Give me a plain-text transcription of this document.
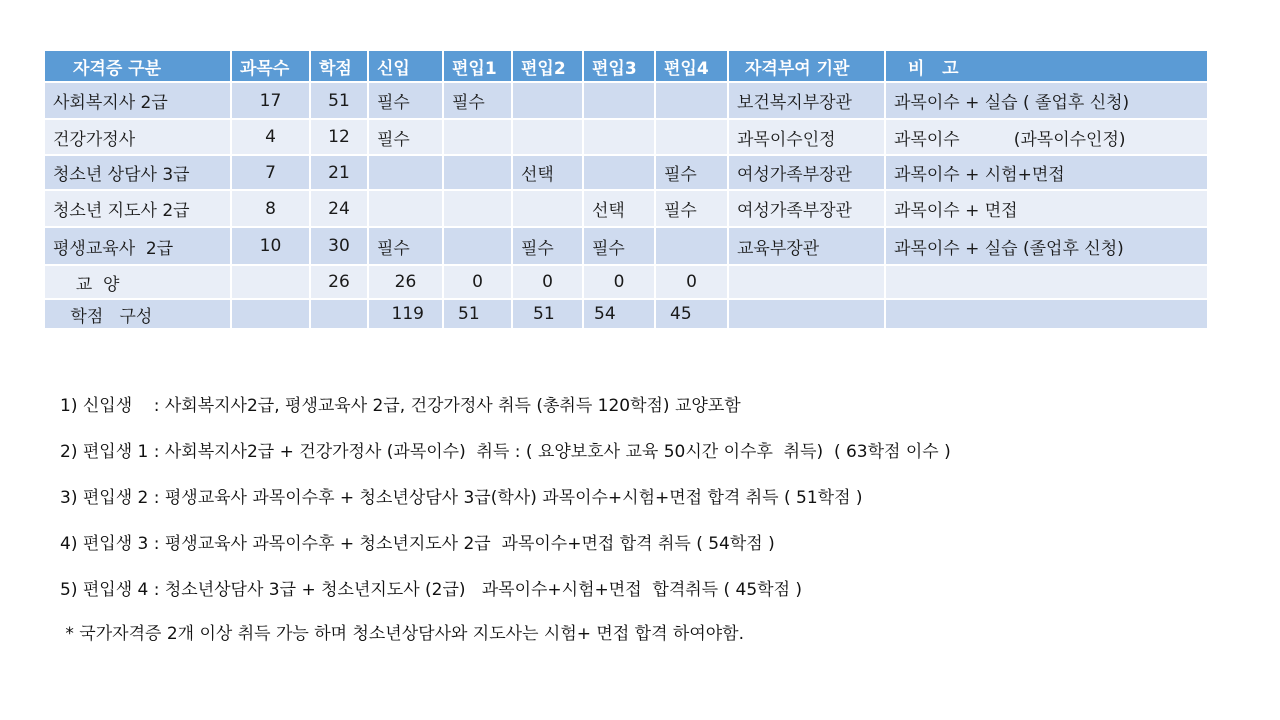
자격증 구분	과목수	학점	신입	편입1	편입2	편입3	편입4	자격부여 기관	비   고
사회복지사 2급	17	51	필수	필수				보건복지부장관	과목이수 + 실습 ( 졸업후 신청)
건강가정사	4	12	필수					과목이수인정	과목이수          (과목이수인정)
청소년 상담사 3급	7	21			선택		필수	여성가족부장관	과목이수 + 시험+면접
청소년 지도사 2급	8	24				선택	필수	여성가족부장관	과목이수 + 면접
평생교육사  2급	10	30	필수		필수	필수		교육부장관	과목이수 + 실습 (졸업후 신청)
교  양		26	26	0	0	0	0		
학점   구성			119	51	51	54	45		
1) 신입생    : 사회복지사2급, 평생교육사 2급, 건강가정사 취득 (총취득 120학점) 교양포함
2) 편입생 1 : 사회복지사2급 + 건강가정사 (과목이수)  취득 : ( 요양보호사 교육 50시간 이수후  취득)  ( 63학점 이수 )
3) 편입생 2 : 평생교육사 과목이수후 + 청소년상담사 3급(학사) 과목이수+시험+면접 합격 취득 ( 51학점 )
4) 편입생 3 : 평생교육사 과목이수후 + 청소년지도사 2급  과목이수+면접 합격 취득 ( 54학점 )
5) 편입생 4 : 청소년상담사 3급 + 청소년지도사 (2급)   과목이수+시험+면접  합격취득 ( 45학점 )
* 국가자격증 2개 이상 취득 가능 하며 청소년상담사와 지도사는 시험+ 면접 합격 하여야함.
